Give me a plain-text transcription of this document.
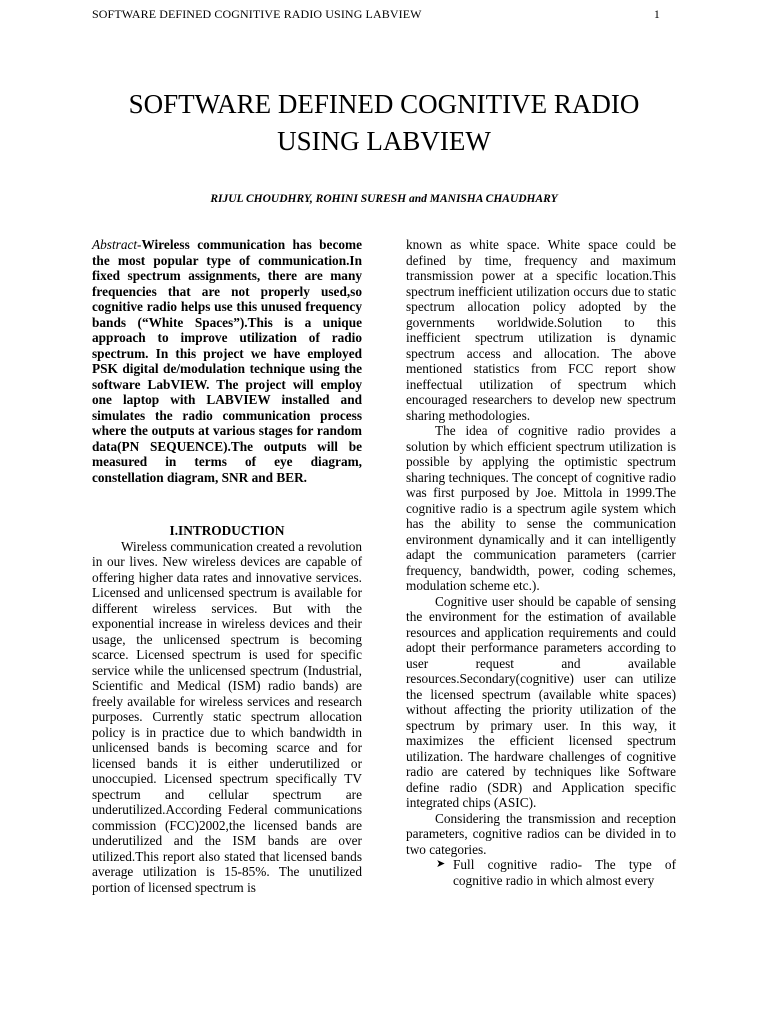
SOFTWARE DEFINED COGNITIVE RADIO USING LABVIEW	1
SOFTWARE DEFINED COGNITIVE RADIO
USING LABVIEW
RIJUL CHOUDHRY, ROHINI SURESH and MANISHA CHAUDHARY

Abstract-Wireless communication has become the most popular type of communication.In fixed spectrum assignments, there are many frequencies that are not properly used,so cognitive radio helps use this unused frequency bands (“White Spaces”).This is a unique approach to improve utilization of radio spectrum. In this project we have employed PSK digital de/modulation technique using the software LabVIEW. The project will employ one laptop with LABVIEW installed and simulates the radio communication process where the outputs at various stages for random data(PN SEQUENCE).The outputs will be measured in terms of eye diagram, constellation diagram, SNR and BER.

I.INTRODUCTION

Wireless communication created a revolution in our lives. New wireless devices are capable of offering higher data rates and innovative services. Licensed and unlicensed spectrum is available for different wireless services. But with the exponential increase in wireless devices and their usage, the unlicensed spectrum is becoming scarce. Licensed spectrum is used for specific service while the unlicensed spectrum (Industrial, Scientific and Medical (ISM) radio bands) are freely available for wireless services and research purposes. Currently static spectrum allocation policy is in practice due to which bandwidth in unlicensed bands is becoming scarce and for licensed bands it is either underutilized or unoccupied. Licensed spectrum specifically TV spectrum and cellular spectrum are underutilized.According Federal communications commission (FCC)2002,the licensed bands are underutilized and the ISM bands are over utilized.This report also stated that licensed bands average utilization is 15-85%. The unutilized portion of licensed spectrum is

known as white space. White space could be defined by time, frequency and maximum transmission power at a specific location.This spectrum inefficient utilization occurs due to static spectrum allocation policy adopted by the governments worldwide.Solution to this inefficient spectrum utilization is dynamic spectrum access and allocation. The above mentioned statistics from FCC report show ineffectual utilization of spectrum which encouraged researchers to develop new spectrum sharing methodologies.

The idea of cognitive radio provides a solution by which efficient spectrum utilization is possible by applying the optimistic spectrum sharing techniques. The concept of cognitive radio was first purposed by Joe. Mittola in 1999.The cognitive radio is a spectrum agile system which has the ability to sense the communication environment dynamically and it can intelligently adapt the communication parameters (carrier frequency, bandwidth, power, coding schemes, modulation scheme etc.).

Cognitive user should be capable of sensing the environment for the estimation of available resources and application requirements and could adopt their performance parameters according to user request and available resources.Secondary(cognitive) user can utilize the licensed spectrum (available white spaces) without affecting the priority utilization of the spectrum by primary user. In this way, it maximizes the efficient licensed spectrum utilization. The hardware challenges of cognitive radio are catered by techniques like Software define radio (SDR) and Application specific integrated chips (ASIC).

Considering the transmission and reception parameters, cognitive radios can be divided in to two categories.

➤ Full cognitive radio- The type of cognitive radio in which almost every
